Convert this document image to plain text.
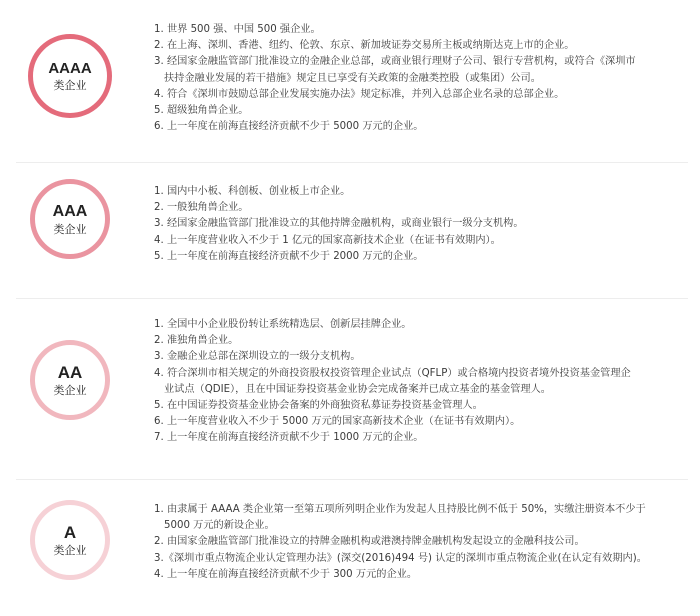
AAAA
类企业
1. 世界 500 强、中国 500 强企业。
2. 在上海、深圳、香港、纽约、伦敦、东京、新加坡证券交易所主板或纳斯达克上市的企业。
3. 经国家金融监管部门批准设立的金融企业总部，或商业银行理财子公司、银行专营机构，或符合《深圳市
扶持金融业发展的若干措施》规定且已享受有关政策的金融类控股（或集团）公司。
4. 符合《深圳市鼓励总部企业发展实施办法》规定标准，并列入总部企业名录的总部企业。
5. 超级独角兽企业。
6. 上一年度在前海直接经济贡献不少于 5000 万元的企业。
AAA
类企业
1. 国内中小板、科创板、创业板上市企业。
2. 一般独角兽企业。
3. 经国家金融监管部门批准设立的其他持牌金融机构，或商业银行一级分支机构。
4. 上一年度营业收入不少于 1 亿元的国家高新技术企业（在证书有效期内）。
5. 上一年度在前海直接经济贡献不少于 2000 万元的企业。
AA
类企业
1. 全国中小企业股份转让系统精选层、创新层挂牌企业。
2. 准独角兽企业。
3. 金融企业总部在深圳设立的一级分支机构。
4. 符合深圳市相关规定的外商投资股权投资管理企业试点（QFLP）或合格境内投资者境外投资基金管理企
业试点（QDIE），且在中国证券投资基金业协会完成备案并已成立基金的基金管理人。
5. 在中国证券投资基金业协会备案的外商独资私募证券投资基金管理人。
6. 上一年度营业收入不少于 5000 万元的国家高新技术企业（在证书有效期内）。
7. 上一年度在前海直接经济贡献不少于 1000 万元的企业。
A
类企业
1. 由隶属于 AAAA 类企业第一至第五项所列明企业作为发起人且持股比例不低于 50%，实缴注册资本不少于
5000 万元的新设企业。
2. 由国家金融监管部门批准设立的持牌金融机构或港澳持牌金融机构发起设立的金融科技公司。
3.《深圳市重点物流企业认定管理办法》(深交(2016)494 号) 认定的深圳市重点物流企业(在认定有效期内)。
4. 上一年度在前海直接经济贡献不少于 300 万元的企业。
